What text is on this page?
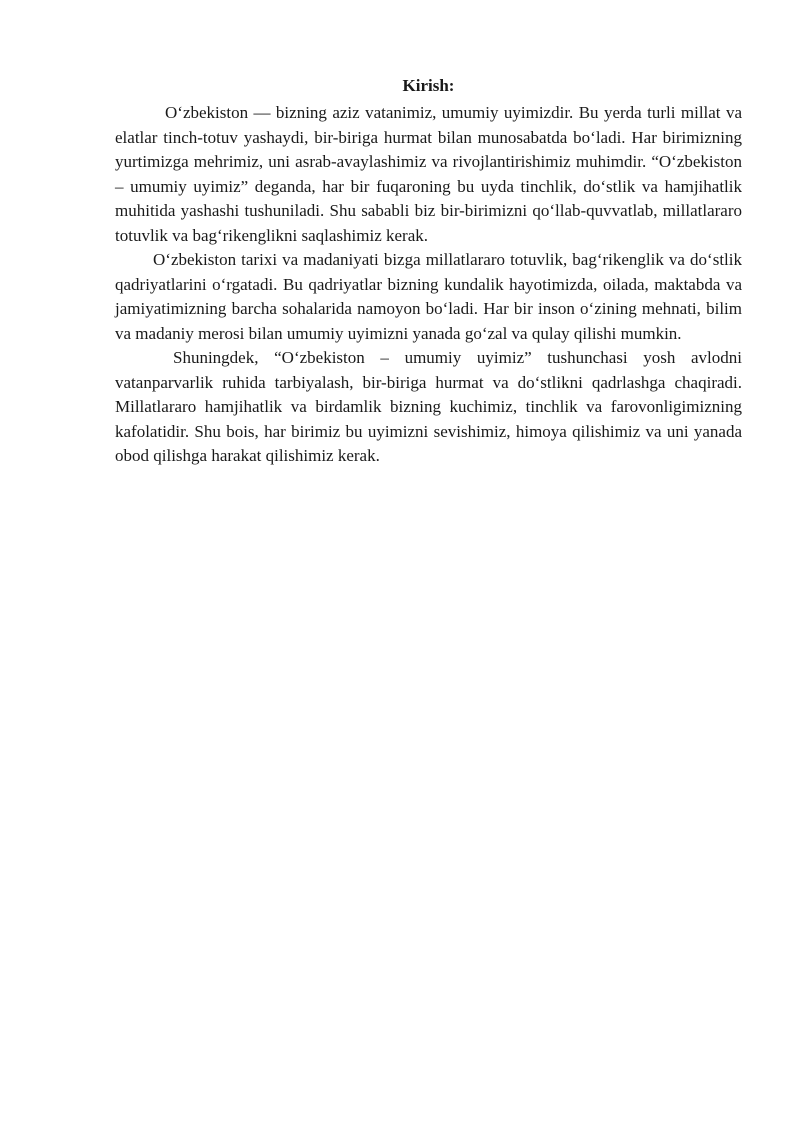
Kirish:

O‘zbekiston — bizning aziz vatanimiz, umumiy uyimizdir. Bu yerda turli millat va elatlar tinch-totuv yashaydi, bir-biriga hurmat bilan munosabatda bo‘ladi. Har birimizning yurtimizga mehrimiz, uni asrab-avaylashimiz va rivojlantirishimiz muhimdir. “O‘zbekiston – umumiy uyimiz” deganda, har bir fuqaroning bu uyda tinchlik, do‘stlik va hamjihatlik muhitida yashashi tushuniladi. Shu sababli biz bir-birimizni qo‘llab-quvvatlab, millatlararo totuvlik va bag‘rikenglikni saqlashimiz kerak.

O‘zbekiston tarixi va madaniyati bizga millatlararo totuvlik, bag‘rikenglik va do‘stlik qadriyatlarini o‘rgatadi. Bu qadriyatlar bizning kundalik hayotimizda, oilada, maktabda va jamiyatimizning barcha sohalarida namoyon bo‘ladi. Har bir inson o‘zining mehnati, bilim va madaniy merosi bilan umumiy uyimizni yanada go‘zal va qulay qilishi mumkin.

Shuningdek, “O‘zbekiston – umumiy uyimiz” tushunchasi yosh avlodni vatanparvarlik ruhida tarbiyalash, bir-biriga hurmat va do‘stlikni qadrlashga chaqiradi. Millatlararo hamjihatlik va birdamlik bizning kuchimiz, tinchlik va farovonligimizning kafolatidir. Shu bois, har birimiz bu uyimizni sevishimiz, himoya qilishimiz va uni yanada obod qilishga harakat qilishimiz kerak.
